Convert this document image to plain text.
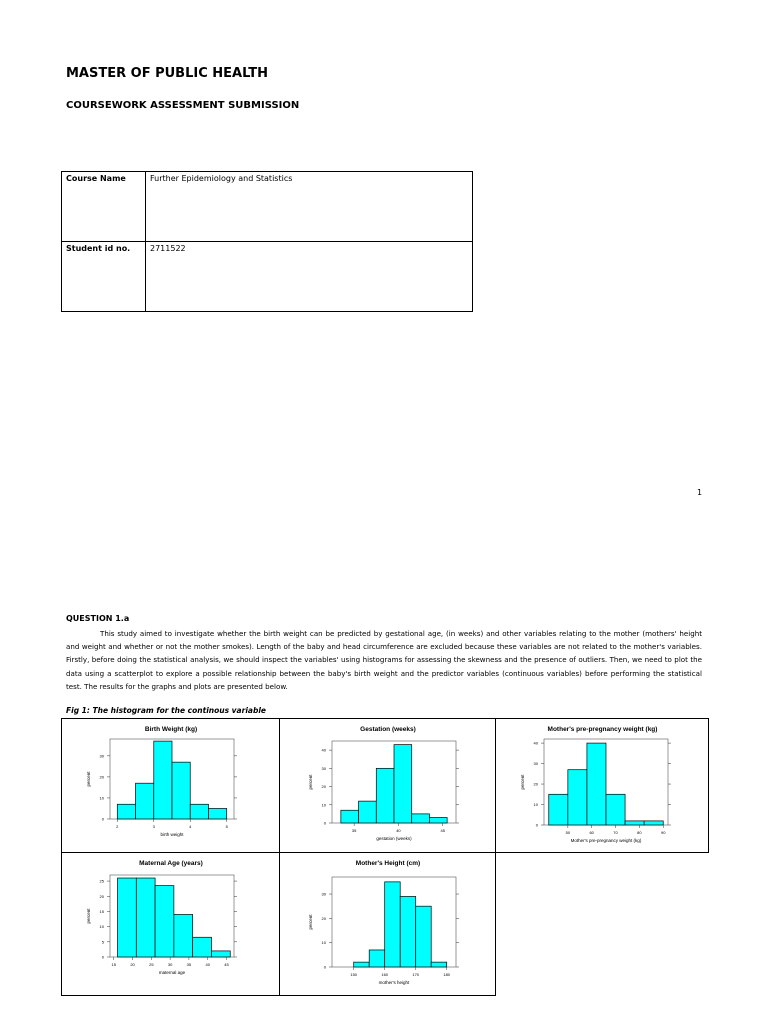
MASTER OF PUBLIC HEALTH
COURSEWORK ASSESSMENT SUBMISSION
Course Name	Further Epidemiology and Statistics
Student id no.	2711522
1
QUESTION 1.a

This study aimed to investigate whether the birth weight can be predicted by gestational age, (in weeks) and other variables relating to the mother (mothers' height and weight and whether or not the mother smokes). Length of the baby and head circumference are excluded because these variables are not related to the mother's variables. Firstly, before doing the statistical analysis, we should inspect the variables' using histograms for assessing the skewness and the presence of outliers. Then, we need to plot the data using a scatterplot to explore a possible relationship between the baby's birth weight and the predictor variables (continuous variables) before performing the statistical test. The results for the graphs and plots are presented below.

Fig 1: The histogram for the continous variable
Birth Weight (kg)
2	3	4	5
0
10
20
30
birth weight
percent
Gestation (weeks)
35	40	45
0
10
20
30
40
gestation (weeks)
percent
Mother's pre-pregnancy weight (kg)
50	60	70	80	90
0
10
20
30
40
Mother's pre-pregnancy weight (kg)
percent
Maternal Age (years)
15	20	25	30	35	40	45
0
5
10
15
20
25
maternal age
percent
Mother's Height (cm)
150	160	170	180
0
10
20
30
mother's height
percent
